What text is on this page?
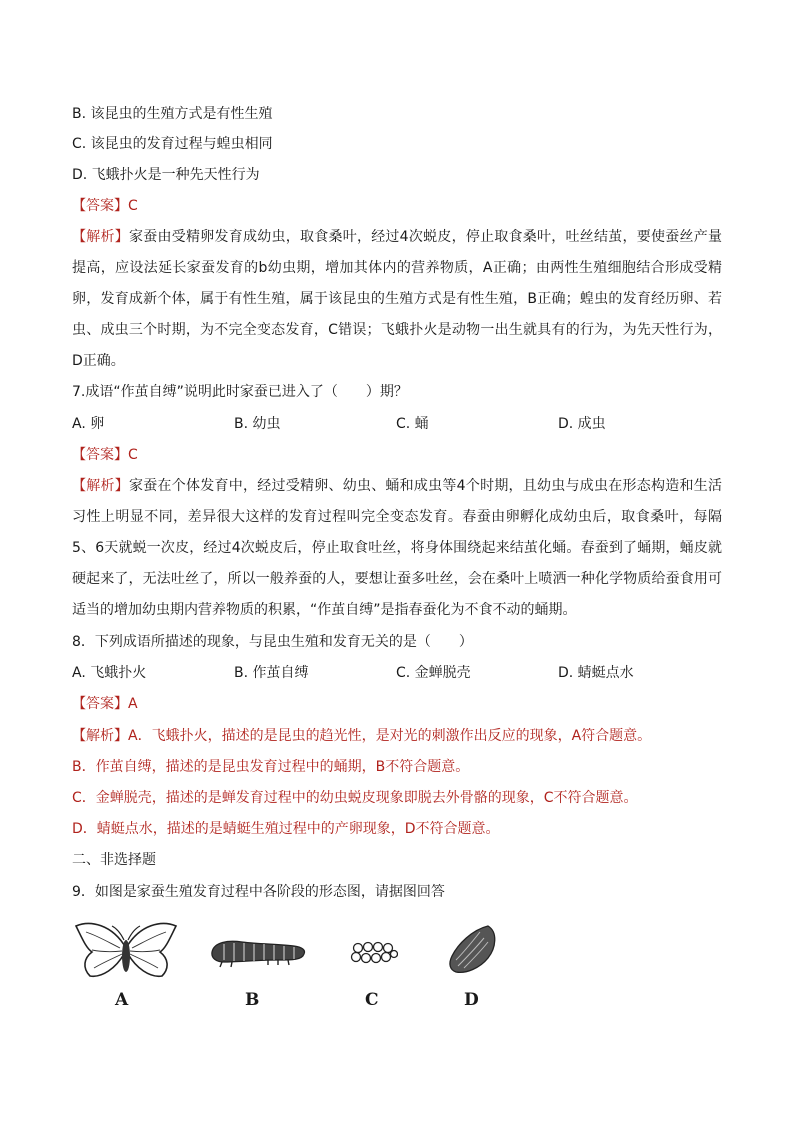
B. 该昆虫的生殖方式是有性生殖
C. 该昆虫的发育过程与蝗虫相同
D. 飞蛾扑火是一种先天性行为
【答案】C
【解析】家蚕由受精卵发育成幼虫，取食桑叶，经过4次蜕皮，停止取食桑叶，吐丝结茧，要使蚕丝产量提高，应设法延长家蚕发育的b幼虫期，增加其体内的营养物质，A正确；由两性生殖细胞结合形成受精卵，发育成新个体，属于有性生殖，属于该昆虫的生殖方式是有性生殖，B正确；蝗虫的发育经历卵、若虫、成虫三个时期，为不完全变态发育，C错误；飞蛾扑火是动物一出生就具有的行为，为先天性行为，D正确。
7.成语“作茧自缚”说明此时家蚕已进入了（　　）期？
A. 卵	B. 幼虫	C. 蛹	D. 成虫
【答案】C
【解析】家蚕在个体发育中，经过受精卵、幼虫、蛹和成虫等4个时期，且幼虫与成虫在形态构造和生活习性上明显不同，差异很大这样的发育过程叫完全变态发育。春蚕由卵孵化成幼虫后，取食桑叶，每隔5、6天就蜕一次皮，经过4次蜕皮后，停止取食吐丝，将身体围绕起来结茧化蛹。春蚕到了蛹期，蛹皮就硬起来了，无法吐丝了，所以一般养蚕的人，要想让蚕多吐丝，会在桑叶上喷洒一种化学物质给蚕食用可适当的增加幼虫期内营养物质的积累，“作茧自缚”是指春蚕化为不食不动的蛹期。
8．下列成语所描述的现象，与昆虫生殖和发育无关的是（　　）
A. 飞蛾扑火	B. 作茧自缚	C. 金蝉脱壳	D. 蜻蜓点水
【答案】A
【解析】A．飞蛾扑火，描述的是昆虫的趋光性，是对光的刺激作出反应的现象，A符合题意。
B．作茧自缚，描述的是昆虫发育过程中的蛹期，B不符合题意。
C．金蝉脱壳，描述的是蝉发育过程中的幼虫蜕皮现象即脱去外骨骼的现象，C不符合题意。
D．蜻蜓点水，描述的是蜻蜓生殖过程中的产卵现象，D不符合题意。
二、非选择题
9．如图是家蚕生殖发育过程中各阶段的形态图，请据图回答
A	B	C	D
